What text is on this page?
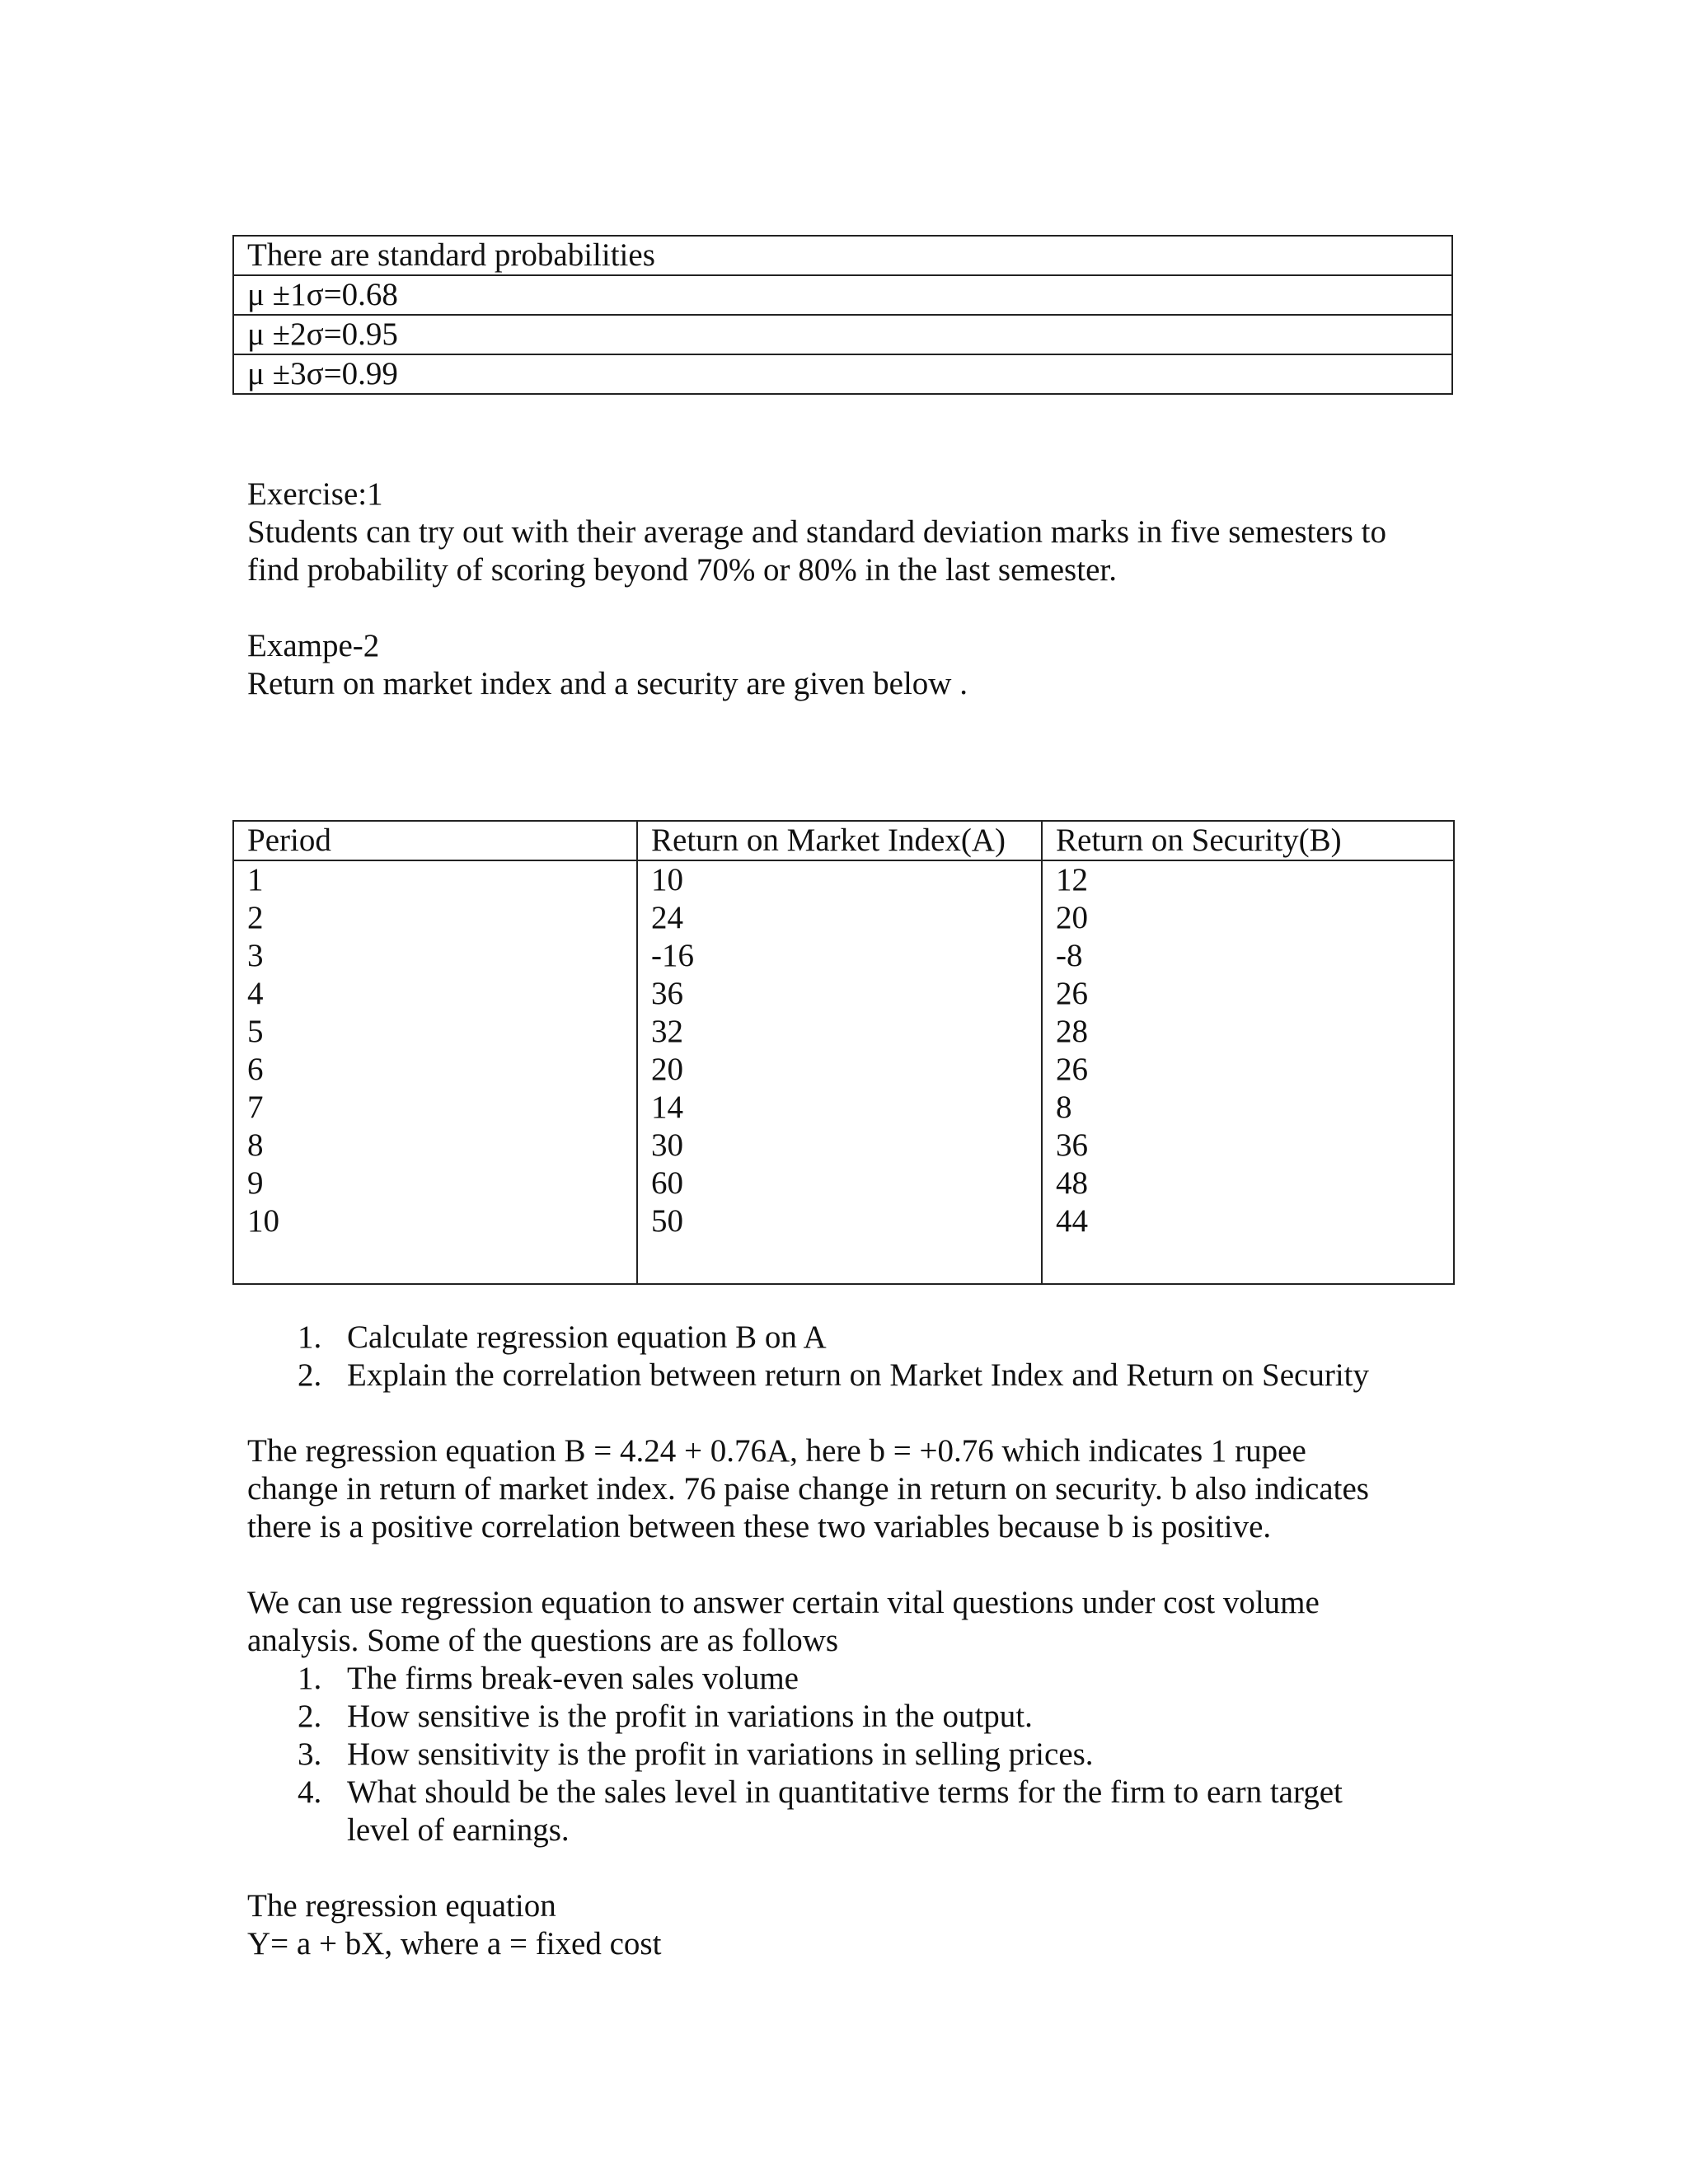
There are standard probabilities
μ ±1σ=0.68
μ ±2σ=0.95
μ ±3σ=0.99
Exercise:1
Students can try out with their average and standard deviation marks in five semesters to
find probability of scoring beyond 70% or 80% in the last semester.
Exampe-2
Return on market index and a security are given below .
Period	Return on Market Index(A)	Return on Security(B)
1	10	12
2	24	20
3	-16	-8
4	36	26
5	32	28
6	20	26
7	14	8
8	30	36
9	60	48
10	50	44

1. Calculate regression equation B on A
2. Explain the correlation between return on Market Index and Return on Security
The regression equation B = 4.24 + 0.76A, here b = +0.76 which indicates 1 rupee
change in return of market index. 76 paise change in return on security. b also indicates
there is a positive correlation between these two variables because b is positive.
We can use regression equation to answer certain vital questions under cost volume
analysis. Some of the questions are as follows
1. The firms break-even sales volume
2. How sensitive is the profit in variations in the output.
3. How sensitivity is the profit in variations in selling prices.
4. What should be the sales level in quantitative terms for the firm to earn target
level of earnings.
The regression equation
Y= a + bX, where a = fixed cost
